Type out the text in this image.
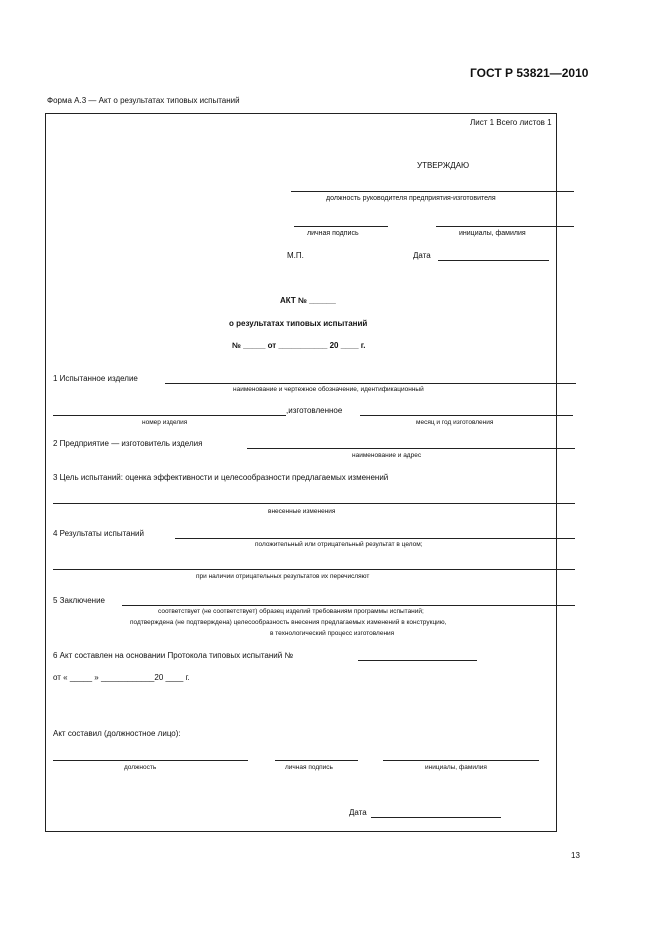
ГОСТ Р 53821—2010
Форма А.3 — Акт о результатах типовых испытаний
Лист 1 Всего листов 1
УТВЕРЖДАЮ
должность руководителя предприятия-изготовителя
личная подпись	инициалы, фамилия
М.П.	Дата
АКТ № ______
о результатах типовых испытаний
№ _____ от ___________ 20 ____ г.
1 Испытанное изделие
наименование и чертежное обозначение, идентификационный
,изготовленное
номер изделия	месяц и год изготовления
2 Предприятие — изготовитель изделия
наименование и адрес
3 Цель испытаний: оценка эффективности и целесообразности предлагаемых изменений
внесенные изменения
4 Результаты испытаний
положительный или отрицательный результат в целом;
при наличии отрицательных результатов их перечисляют
5 Заключение
соответствует (не соответствует) образец изделий требованиям программы испытаний;
подтверждена (не подтверждена) целесообразность внесения предлагаемых изменений в конструкцию,
в технологический процесс изготовления
6 Акт составлен на основании Протокола типовых испытаний №
от « _____ » ____________20 ____ г.
Акт составил (должностное лицо):
должность	личная подпись	инициалы, фамилия
Дата
13
